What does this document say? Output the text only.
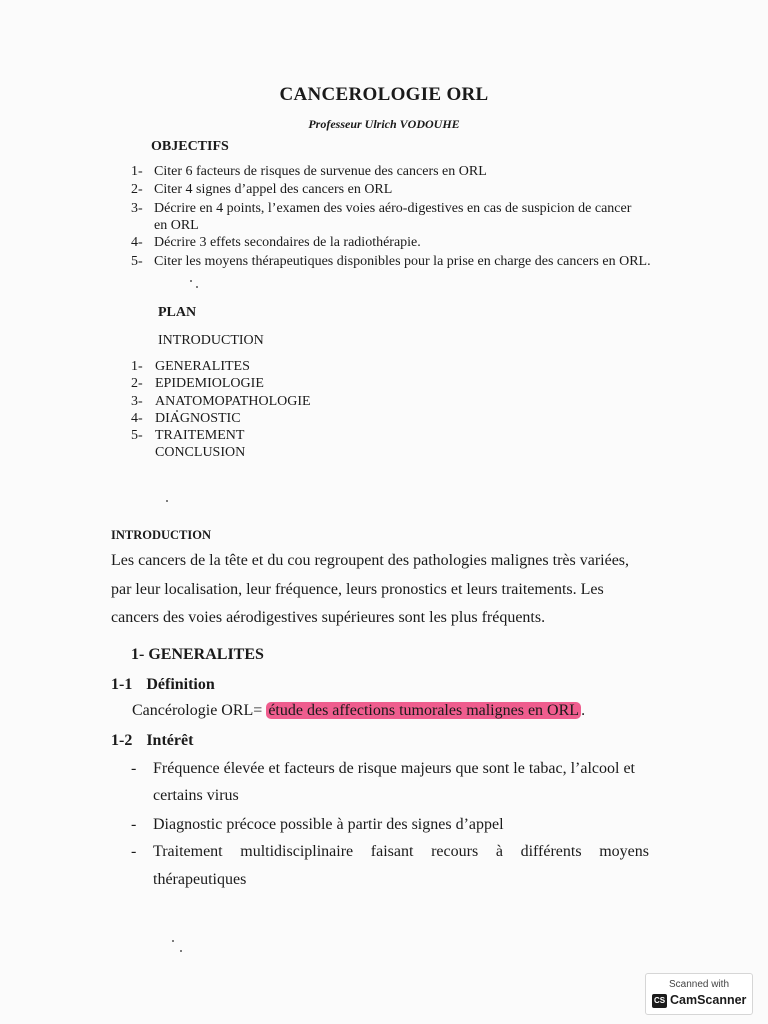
CANCEROLOGIE ORL
Professeur Ulrich VODOUHE
OBJECTIFS
1- Citer 6 facteurs de risques de survenue des cancers en ORL
2- Citer 4 signes d’appel des cancers en ORL
3- Décrire en 4 points, l’examen des voies aéro-digestives en cas de suspicion de cancer
en ORL
4- Décrire 3 effets secondaires de la radiothérapie.
5- Citer les moyens thérapeutiques disponibles pour la prise en charge des cancers en ORL.
PLAN
INTRODUCTION
1- GENERALITES
2- EPIDEMIOLOGIE
3- ANATOMOPATHOLOGIE
4- DIAGNOSTIC
5- TRAITEMENT
CONCLUSION
INTRODUCTION
Les cancers de la tête et du cou regroupent des pathologies malignes très variées,
par leur localisation, leur fréquence, leurs pronostics et leurs traitements. Les
cancers des voies aérodigestives supérieures sont les plus fréquents.
1- GENERALITES
1-1 Définition
Cancérologie ORL= étude des affections tumorales malignes en ORL .
1-2 Intérêt
- Fréquence élevée et facteurs de risque majeurs que sont le tabac, l’alcool et
certains virus
- Diagnostic précoce possible à partir des signes d’appel
- Traitement multidisciplinaire faisant recours à différents moyens
thérapeutiques
Scanned with
CS CamScanner
